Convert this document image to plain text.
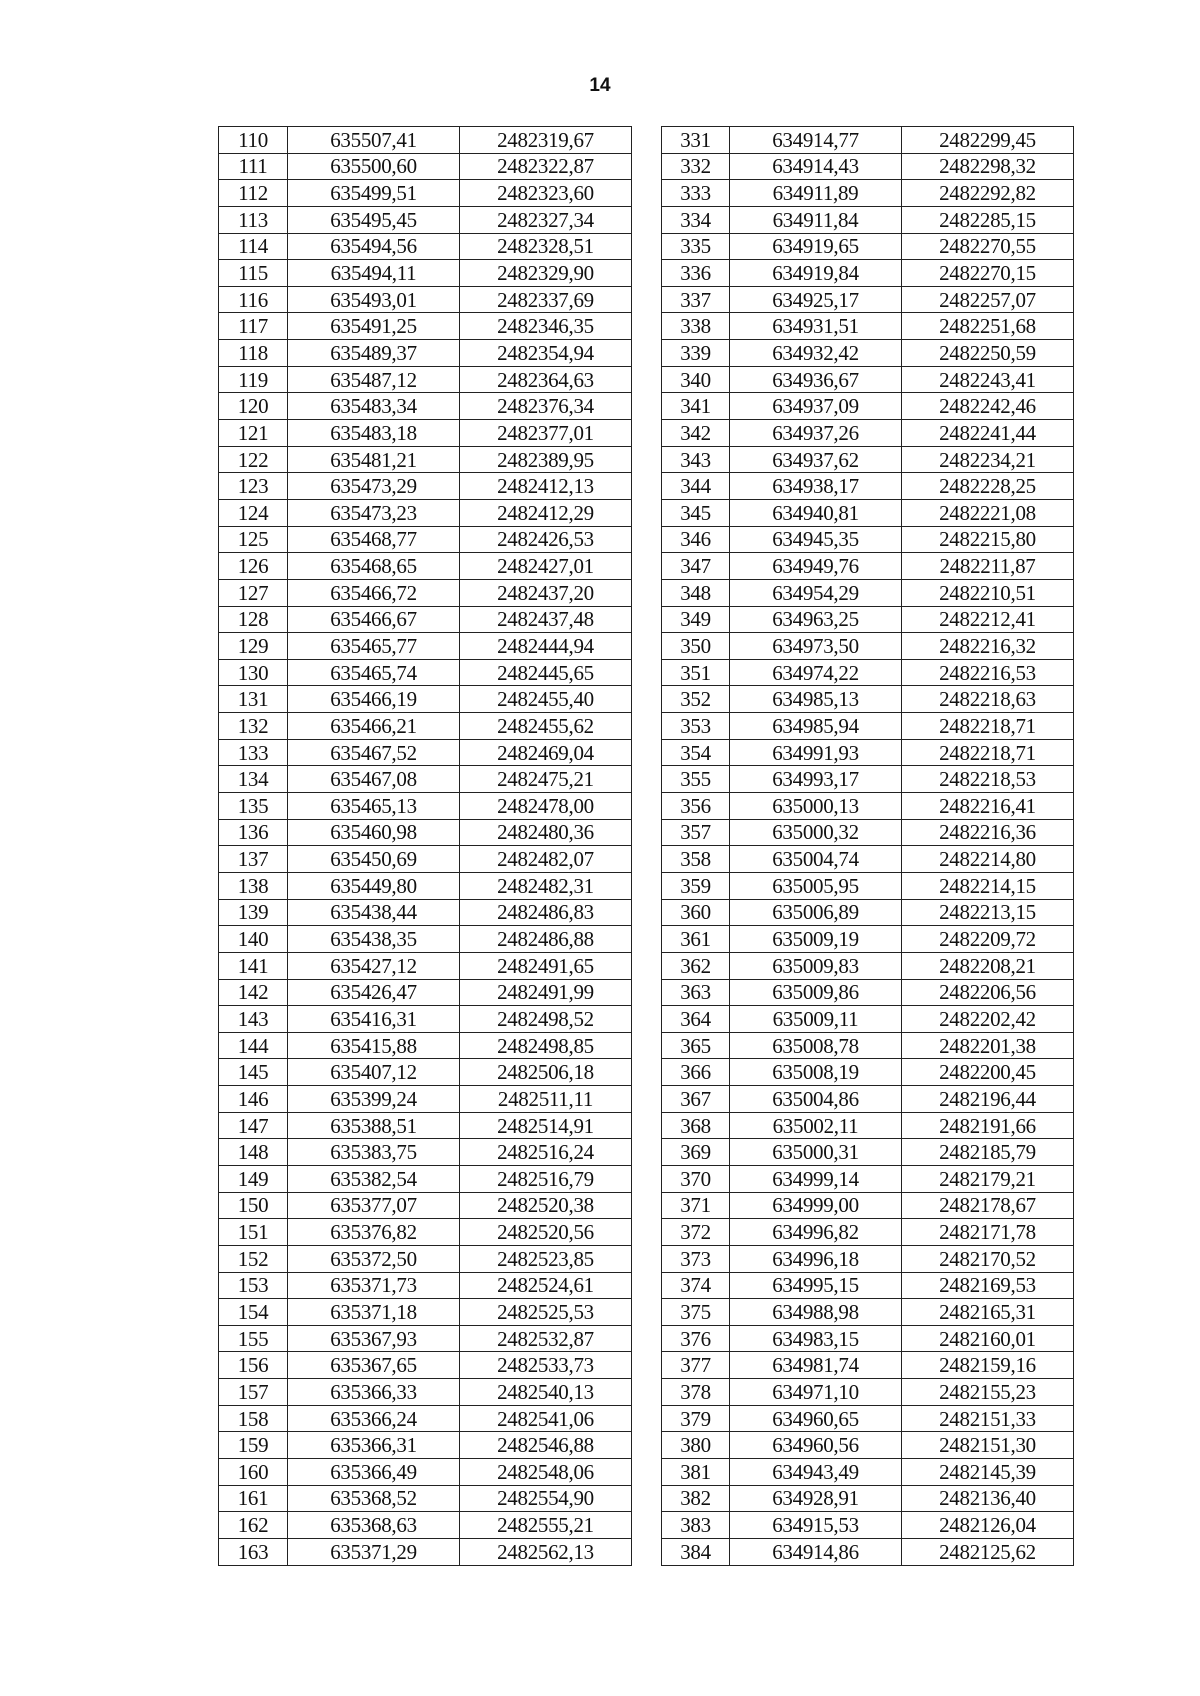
14
110	635507,41	2482319,67		331	634914,77	2482299,45
111	635500,60	2482322,87		332	634914,43	2482298,32
112	635499,51	2482323,60		333	634911,89	2482292,82
113	635495,45	2482327,34		334	634911,84	2482285,15
114	635494,56	2482328,51		335	634919,65	2482270,55
115	635494,11	2482329,90		336	634919,84	2482270,15
116	635493,01	2482337,69		337	634925,17	2482257,07
117	635491,25	2482346,35		338	634931,51	2482251,68
118	635489,37	2482354,94		339	634932,42	2482250,59
119	635487,12	2482364,63		340	634936,67	2482243,41
120	635483,34	2482376,34		341	634937,09	2482242,46
121	635483,18	2482377,01		342	634937,26	2482241,44
122	635481,21	2482389,95		343	634937,62	2482234,21
123	635473,29	2482412,13		344	634938,17	2482228,25
124	635473,23	2482412,29		345	634940,81	2482221,08
125	635468,77	2482426,53		346	634945,35	2482215,80
126	635468,65	2482427,01		347	634949,76	2482211,87
127	635466,72	2482437,20		348	634954,29	2482210,51
128	635466,67	2482437,48		349	634963,25	2482212,41
129	635465,77	2482444,94		350	634973,50	2482216,32
130	635465,74	2482445,65		351	634974,22	2482216,53
131	635466,19	2482455,40		352	634985,13	2482218,63
132	635466,21	2482455,62		353	634985,94	2482218,71
133	635467,52	2482469,04		354	634991,93	2482218,71
134	635467,08	2482475,21		355	634993,17	2482218,53
135	635465,13	2482478,00		356	635000,13	2482216,41
136	635460,98	2482480,36		357	635000,32	2482216,36
137	635450,69	2482482,07		358	635004,74	2482214,80
138	635449,80	2482482,31		359	635005,95	2482214,15
139	635438,44	2482486,83		360	635006,89	2482213,15
140	635438,35	2482486,88		361	635009,19	2482209,72
141	635427,12	2482491,65		362	635009,83	2482208,21
142	635426,47	2482491,99		363	635009,86	2482206,56
143	635416,31	2482498,52		364	635009,11	2482202,42
144	635415,88	2482498,85		365	635008,78	2482201,38
145	635407,12	2482506,18		366	635008,19	2482200,45
146	635399,24	2482511,11		367	635004,86	2482196,44
147	635388,51	2482514,91		368	635002,11	2482191,66
148	635383,75	2482516,24		369	635000,31	2482185,79
149	635382,54	2482516,79		370	634999,14	2482179,21
150	635377,07	2482520,38		371	634999,00	2482178,67
151	635376,82	2482520,56		372	634996,82	2482171,78
152	635372,50	2482523,85		373	634996,18	2482170,52
153	635371,73	2482524,61		374	634995,15	2482169,53
154	635371,18	2482525,53		375	634988,98	2482165,31
155	635367,93	2482532,87		376	634983,15	2482160,01
156	635367,65	2482533,73		377	634981,74	2482159,16
157	635366,33	2482540,13		378	634971,10	2482155,23
158	635366,24	2482541,06		379	634960,65	2482151,33
159	635366,31	2482546,88		380	634960,56	2482151,30
160	635366,49	2482548,06		381	634943,49	2482145,39
161	635368,52	2482554,90		382	634928,91	2482136,40
162	635368,63	2482555,21		383	634915,53	2482126,04
163	635371,29	2482562,13		384	634914,86	2482125,62
